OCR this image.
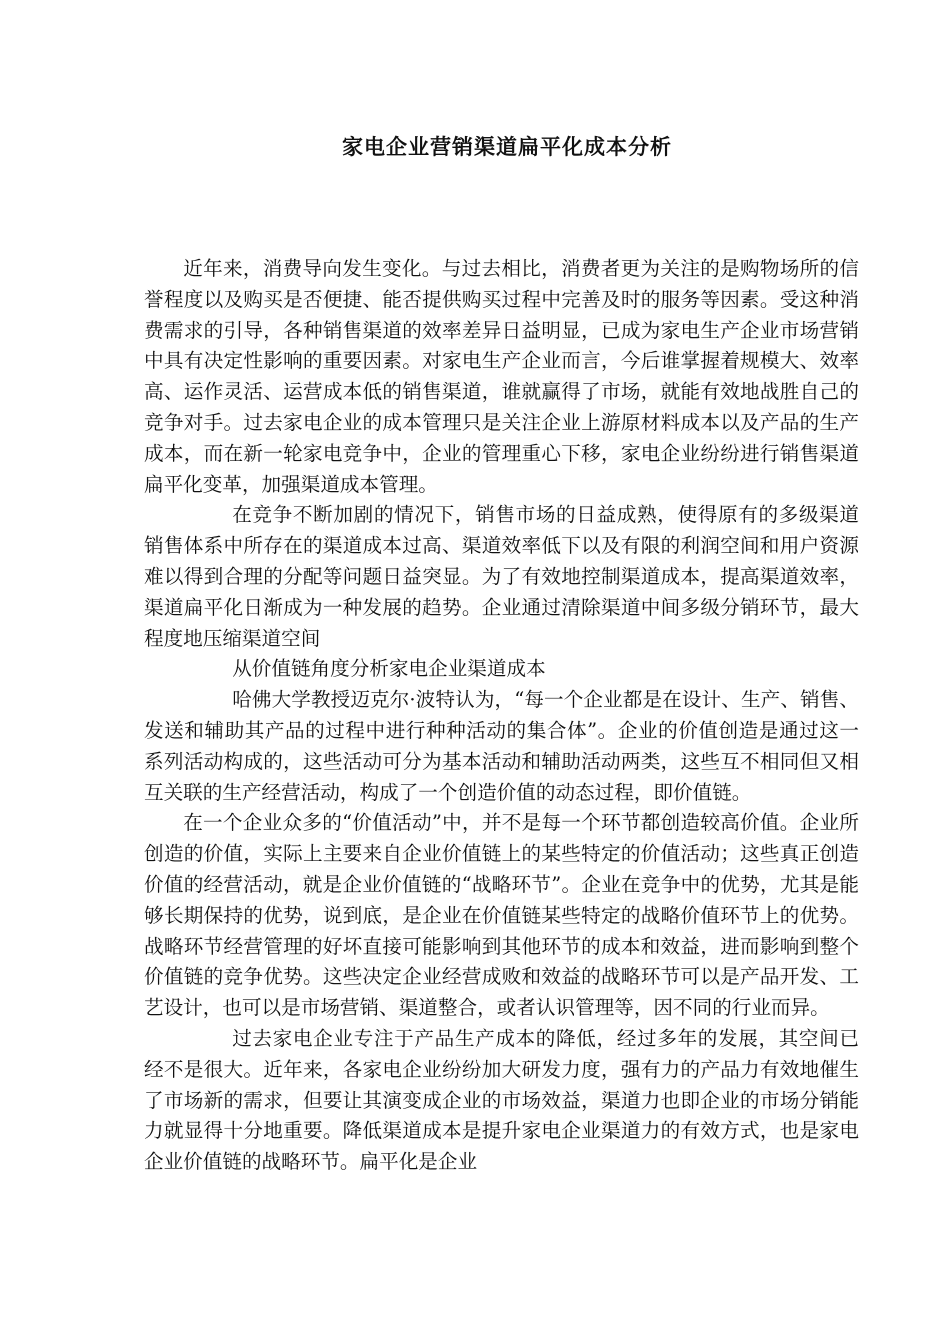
家电企业营销渠道扁平化成本分析

近年来，消费导向发生变化。与过去相比，消费者更为关注的是购物场所的信誉程度以及购买是否便捷、能否提供购买过程中完善及时的服务等因素。受这种消费需求的引导，各种销售渠道的效率差异日益明显，已成为家电生产企业市场营销中具有决定性影响的重要因素。对家电生产企业而言，今后谁掌握着规模大、效率高、运作灵活、运营成本低的销售渠道，谁就赢得了市场，就能有效地战胜自己的竞争对手。过去家电企业的成本管理只是关注企业上游原材料成本以及产品的生产成本，而在新一轮家电竞争中，企业的管理重心下移，家电企业纷纷进行销售渠道扁平化变革，加强渠道成本管理。

在竞争不断加剧的情况下，销售市场的日益成熟，使得原有的多级渠道销售体系中所存在的渠道成本过高、渠道效率低下以及有限的利润空间和用户资源难以得到合理的分配等问题日益突显。为了有效地控制渠道成本，提高渠道效率，渠道扁平化日渐成为一种发展的趋势。企业通过清除渠道中间多级分销环节，最大程度地压缩渠道空间

从价值链角度分析家电企业渠道成本

哈佛大学教授迈克尔·波特认为，“每一个企业都是在设计、生产、销售、发送和辅助其产品的过程中进行种种活动的集合体”。企业的价值创造是通过这一系列活动构成的，这些活动可分为基本活动和辅助活动两类，这些互不相同但又相互关联的生产经营活动，构成了一个创造价值的动态过程，即价值链。

在一个企业众多的“价值活动”中，并不是每一个环节都创造较高价值。企业所创造的价值，实际上主要来自企业价值链上的某些特定的价值活动；这些真正创造价值的经营活动，就是企业价值链的“战略环节”。企业在竞争中的优势，尤其是能够长期保持的优势，说到底，是企业在价值链某些特定的战略价值环节上的优势。战略环节经营管理的好坏直接可能影响到其他环节的成本和效益，进而影响到整个价值链的竞争优势。这些决定企业经营成败和效益的战略环节可以是产品开发、工艺设计，也可以是市场营销、渠道整合，或者认识管理等，因不同的行业而异。

过去家电企业专注于产品生产成本的降低，经过多年的发展，其空间已经不是很大。近年来，各家电企业纷纷加大研发力度，强有力的产品力有效地催生了市场新的需求，但要让其演变成企业的市场效益，渠道力也即企业的市场分销能力就显得十分地重要。降低渠道成本是提升家电企业渠道力的有效方式，也是家电企业价值链的战略环节。扁平化是企业
